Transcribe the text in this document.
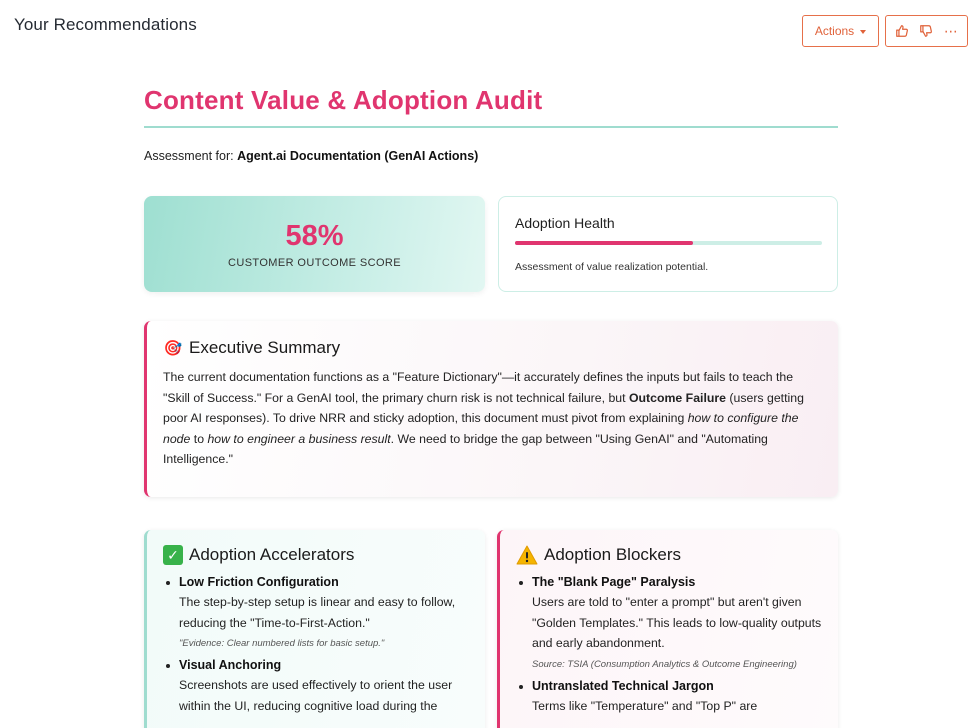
Your Recommendations	Actions	⋯
Content Value & Adoption Audit

Assessment for: Agent.ai Documentation (GenAI Actions)

58%
CUSTOMER OUTCOME SCORE
Adoption Health
Assessment of value realization potential.
🎯 Executive Summary

The current documentation functions as a "Feature Dictionary"—it accurately defines the inputs but fails to teach the "Skill of Success." For a GenAI tool, the primary churn risk is not technical failure, but Outcome Failure (users getting poor AI responses). To drive NRR and sticky adoption, this document must pivot from explaining how to configure the node to how to engineer a business result. We need to bridge the gap between "Using GenAI" and "Automating Intelligence."

✓ Adoption Accelerators
Low Friction Configuration
The step-by-step setup is linear and easy to follow, reducing the "Time-to-First-Action."
"Evidence: Clear numbered lists for basic setup."
Visual Anchoring
Screenshots are used effectively to orient the user within the UI, reducing cognitive load during the
Adoption Blockers
The "Blank Page" Paralysis
Users are told to "enter a prompt" but aren't given "Golden Templates." This leads to low-quality outputs and early abandonment.
Source: TSIA (Consumption Analytics & Outcome Engineering)
Untranslated Technical Jargon
Terms like "Temperature" and "Top P" are
